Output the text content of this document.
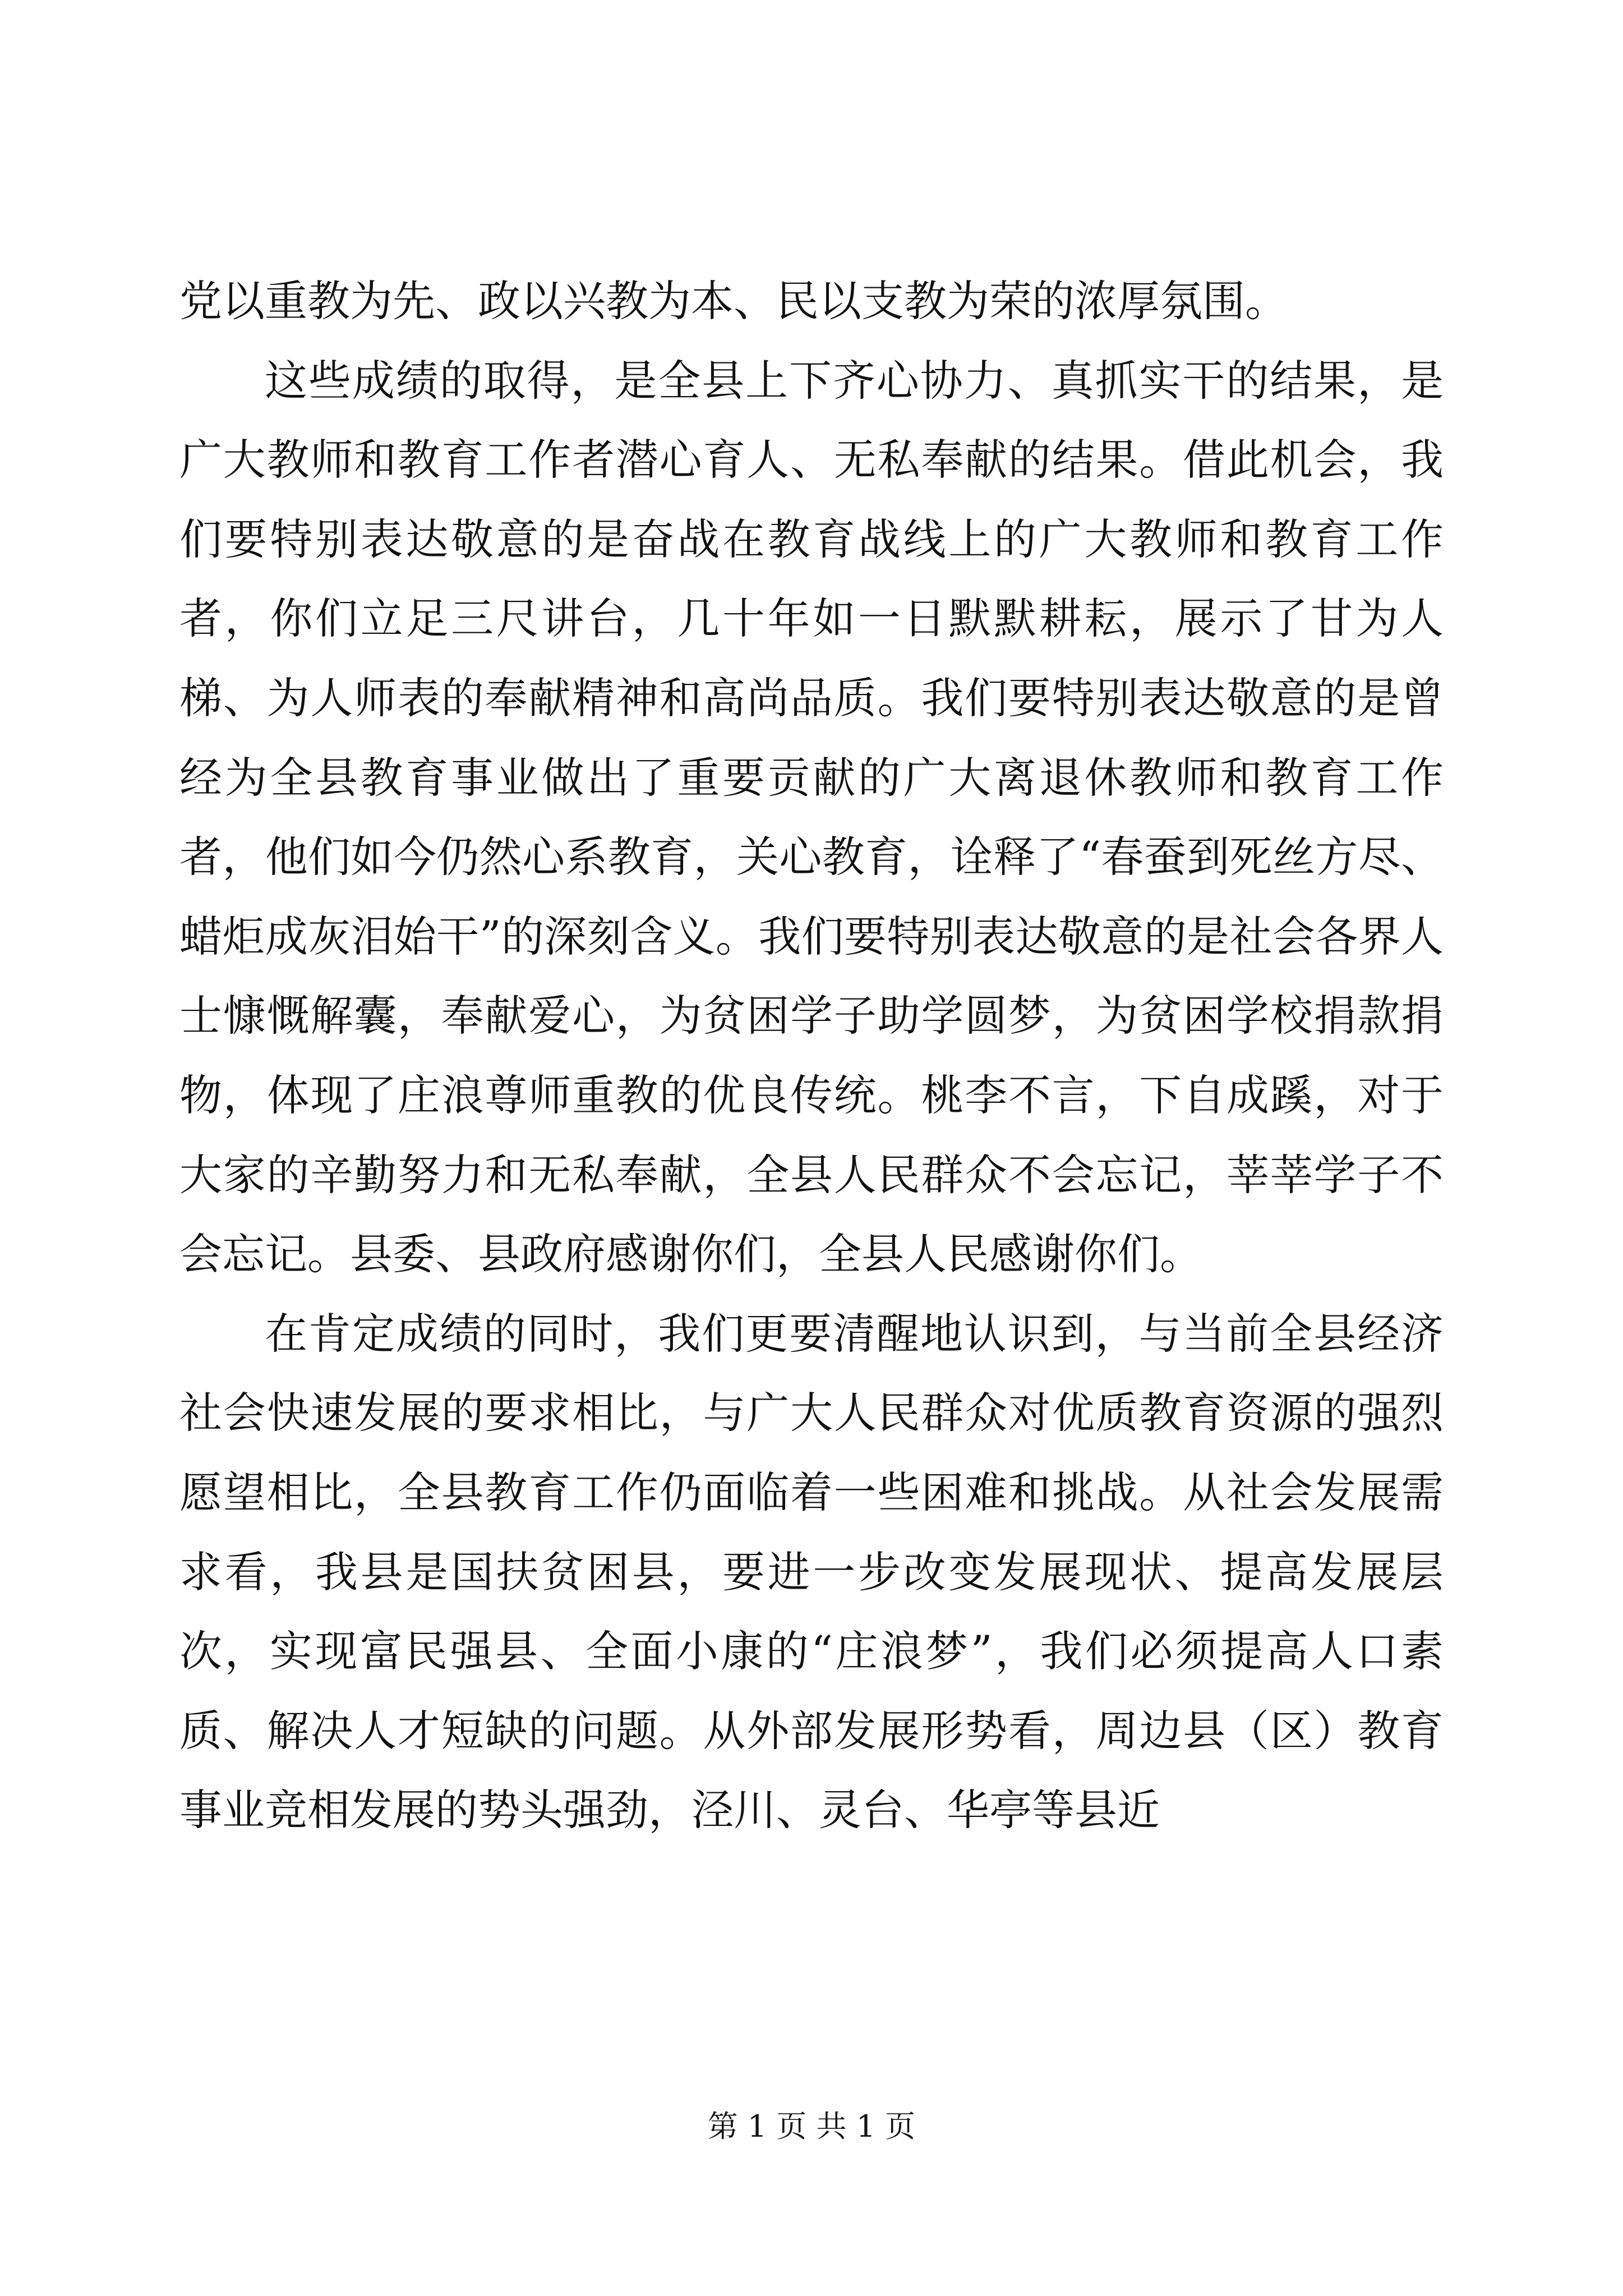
党以重教为先、政以兴教为本、民以支教为荣的浓厚氛围。

这些成绩的取得，是全县上下齐心协力、真抓实干的结果，是广大教师和教育工作者潜心育人、无私奉献的结果。借此机会，我们要特别表达敬意的是奋战在教育战线上的广大教师和教育工作者，你们立足三尺讲台，几十年如一日默默耕耘，展示了甘为人梯、为人师表的奉献精神和高尚品质。我们要特别表达敬意的是曾经为全县教育事业做出了重要贡献的广大离退休教师和教育工作者，他们如今仍然心系教育，关心教育，诠释了“春蚕到死丝方尽、蜡炬成灰泪始干”的深刻含义。我们要特别表达敬意的是社会各界人士慷慨解囊，奉献爱心，为贫困学子助学圆梦，为贫困学校捐款捐物，体现了庄浪尊师重教的优良传统。桃李不言，下自成蹊，对于大家的辛勤努力和无私奉献，全县人民群众不会忘记，莘莘学子不会忘记。县委、县政府感谢你们，全县人民感谢你们。

在肯定成绩的同时，我们更要清醒地认识到，与当前全县经济社会快速发展的要求相比，与广大人民群众对优质教育资源的强烈愿望相比，全县教育工作仍面临着一些困难和挑战。从社会发展需求看，我县是国扶贫困县，要进一步改变发展现状、提高发展层次，实现富民强县、全面小康的“庄浪梦”，我们必须提高人口素质、解决人才短缺的问题。从外部发展形势看，周边县（区）教育事业竞相发展的势头强劲，泾川、灵台、华亭等县近

第 1 页 共 1 页
